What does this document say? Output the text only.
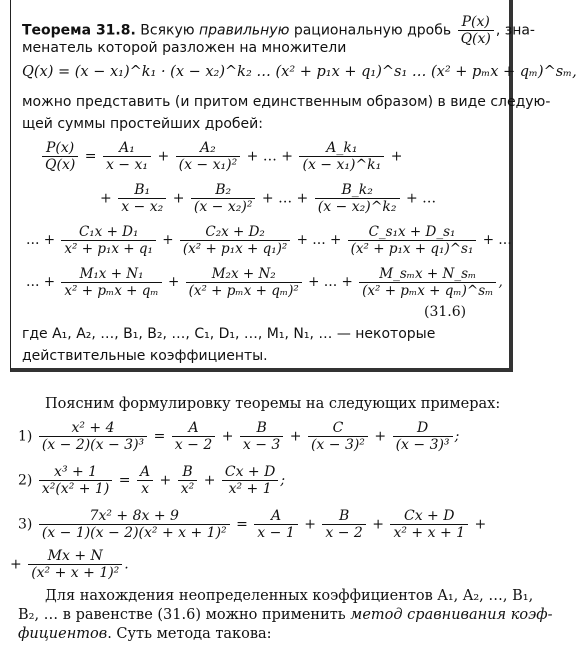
Теорема 31.8. Всякую правильную рациональную дробь $\frac{P(x)}{Q(x)}$ , зна-
менатель которой разложен на множители
Q(x) = (x − x₁)^k₁ · (x − x₂)^k₂ … (x² + p₁x + q₁)^s₁ … (x² + pₘx + qₘ)^sₘ,
можно представить (и притом единственным образом) в виде следую-
щей суммы простейших дробей:
$\frac{P(x)}{Q(x)} = \frac{\text{A₁}}{\text{x − x₁}} + \frac{\text{A₂}}{\text{(x − x₁)²}}$ + … + $\frac{\text{A\_k₁}}{\text{(x − x₁)\textasciicircum{}k₁}}$ +
+ $\frac{\text{B₁}}{\text{x − x₂}} + \frac{\text{B₂}}{\text{(x − x₂)²}}$ + … + $\frac{\text{B\_k₂}}{\text{(x − x₂)\textasciicircum{}k₂}}$ + …
… + $\frac{\text{C₁x + D₁}}{\text{x² + p₁x + q₁}} + \frac{\text{C₂x + D₂}}{\text{(x² + p₁x + q₁)²}}$ + … + $\frac{\text{C\_s₁x + D\_s₁}}{\text{(x² + p₁x + q₁)\textasciicircum{}s₁}}$ + …
… + $\frac{\text{M₁x + N₁}}{\text{x² + pₘx + qₘ}} + \frac{\text{M₂x + N₂}}{\text{(x² + pₘx + qₘ)²}}$ + … + $\frac{\text{M\_sₘx + N\_sₘ}}{\text{(x² + pₘx + qₘ)\textasciicircum{}sₘ}}$ ,
(31.6)
где A₁, A₂, …, B₁, B₂, …, C₁, D₁, …, M₁, N₁, … — некоторые
действительные коэффициенты.
Поясним формулировку теоремы на следующих примерах:
$1) \frac{\text{x² + 4}}{\text{(x − 2)(x − 3)³}} = \frac{A}{x - 2} + \frac{B}{x - 3} + \frac{C}{\text{(x − 3)²}} + \frac{D}{\text{(x − 3)³}}$ ;
$2) \frac{\text{x³ + 1}}{\text{x²(x² + 1)}} = \frac{A}{x} + \frac{B}{\text{x²}} + \frac{Cx + D}{\text{x² + 1}}$ ;
$3) \frac{\text{7x² + 8x + 9}}{\text{(x − 1)(x − 2)(x² + x + 1)²}} = \frac{A}{x - 1} + \frac{B}{x - 2} + \frac{Cx + D}{\text{x² + x + 1}}$ +
+ $\frac{Mx + N}{\text{(x² + x + 1)²}}$ .
Для нахождения неопределенных коэффициентов A₁, A₂, …, B₁,
B₂, … в равенстве (31.6) можно применить метод сравнивания коэф-
фициентов. Суть метода такова:
